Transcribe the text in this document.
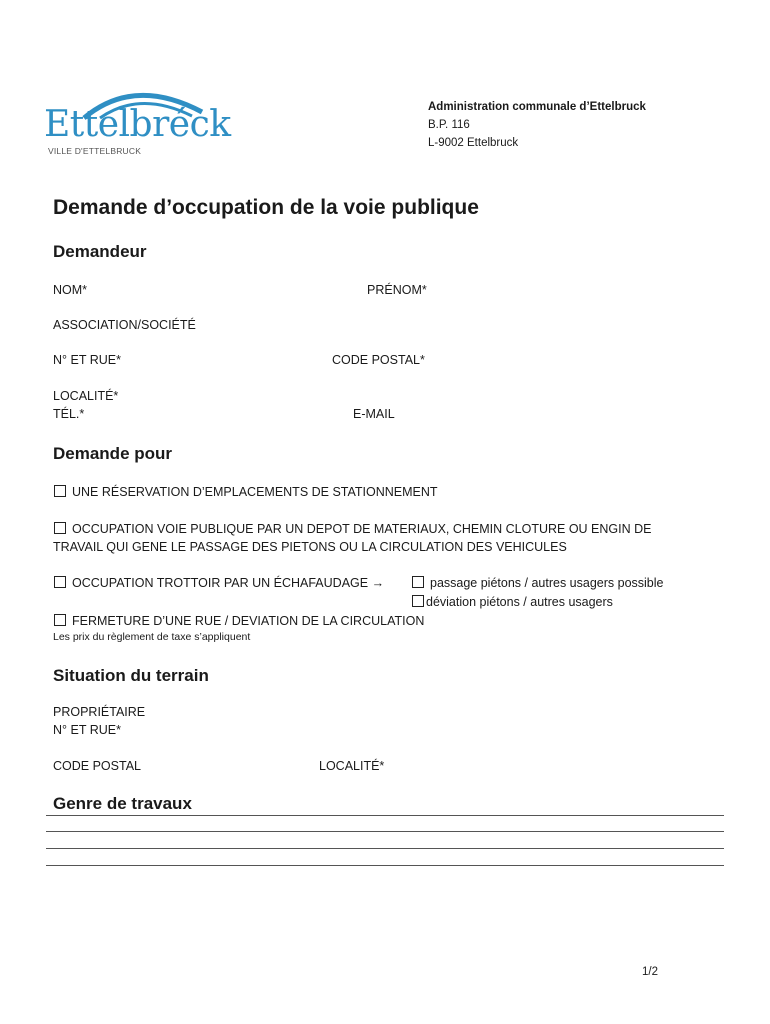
Ettelbréck
VILLE D'ETTELBRUCK
Administration communale d’Ettelbruck
B.P. 116
L-9002 Ettelbruck
Demande d’occupation de la voie publique
Demandeur
NOM*	PRÉNOM*
ASSOCIATION/SOCIÉTÉ
N° ET RUE*	CODE POSTAL*
LOCALITÉ*
TÉL.*	E-MAIL
Demande pour
UNE RÉSERVATION D’EMPLACEMENTS DE STATIONNEMENT
OCCUPATION VOIE PUBLIQUE PAR UN DEPOT DE MATERIAUX, CHEMIN CLOTURE OU ENGIN DE
TRAVAIL QUI GENE LE PASSAGE DES PIETONS OU LA CIRCULATION DES VEHICULES
OCCUPATION TROTTOIR PAR UN ÉCHAFAUDAGE →	passage piétons / autres usagers possible
déviation piétons / autres usagers
FERMETURE D’UNE RUE / DEVIATION DE LA CIRCULATION
Les prix du règlement de taxe s’appliquent
Situation du terrain
PROPRIÉTAIRE
N° ET RUE*
CODE POSTAL	LOCALITÉ*
Genre de travaux
1/2
